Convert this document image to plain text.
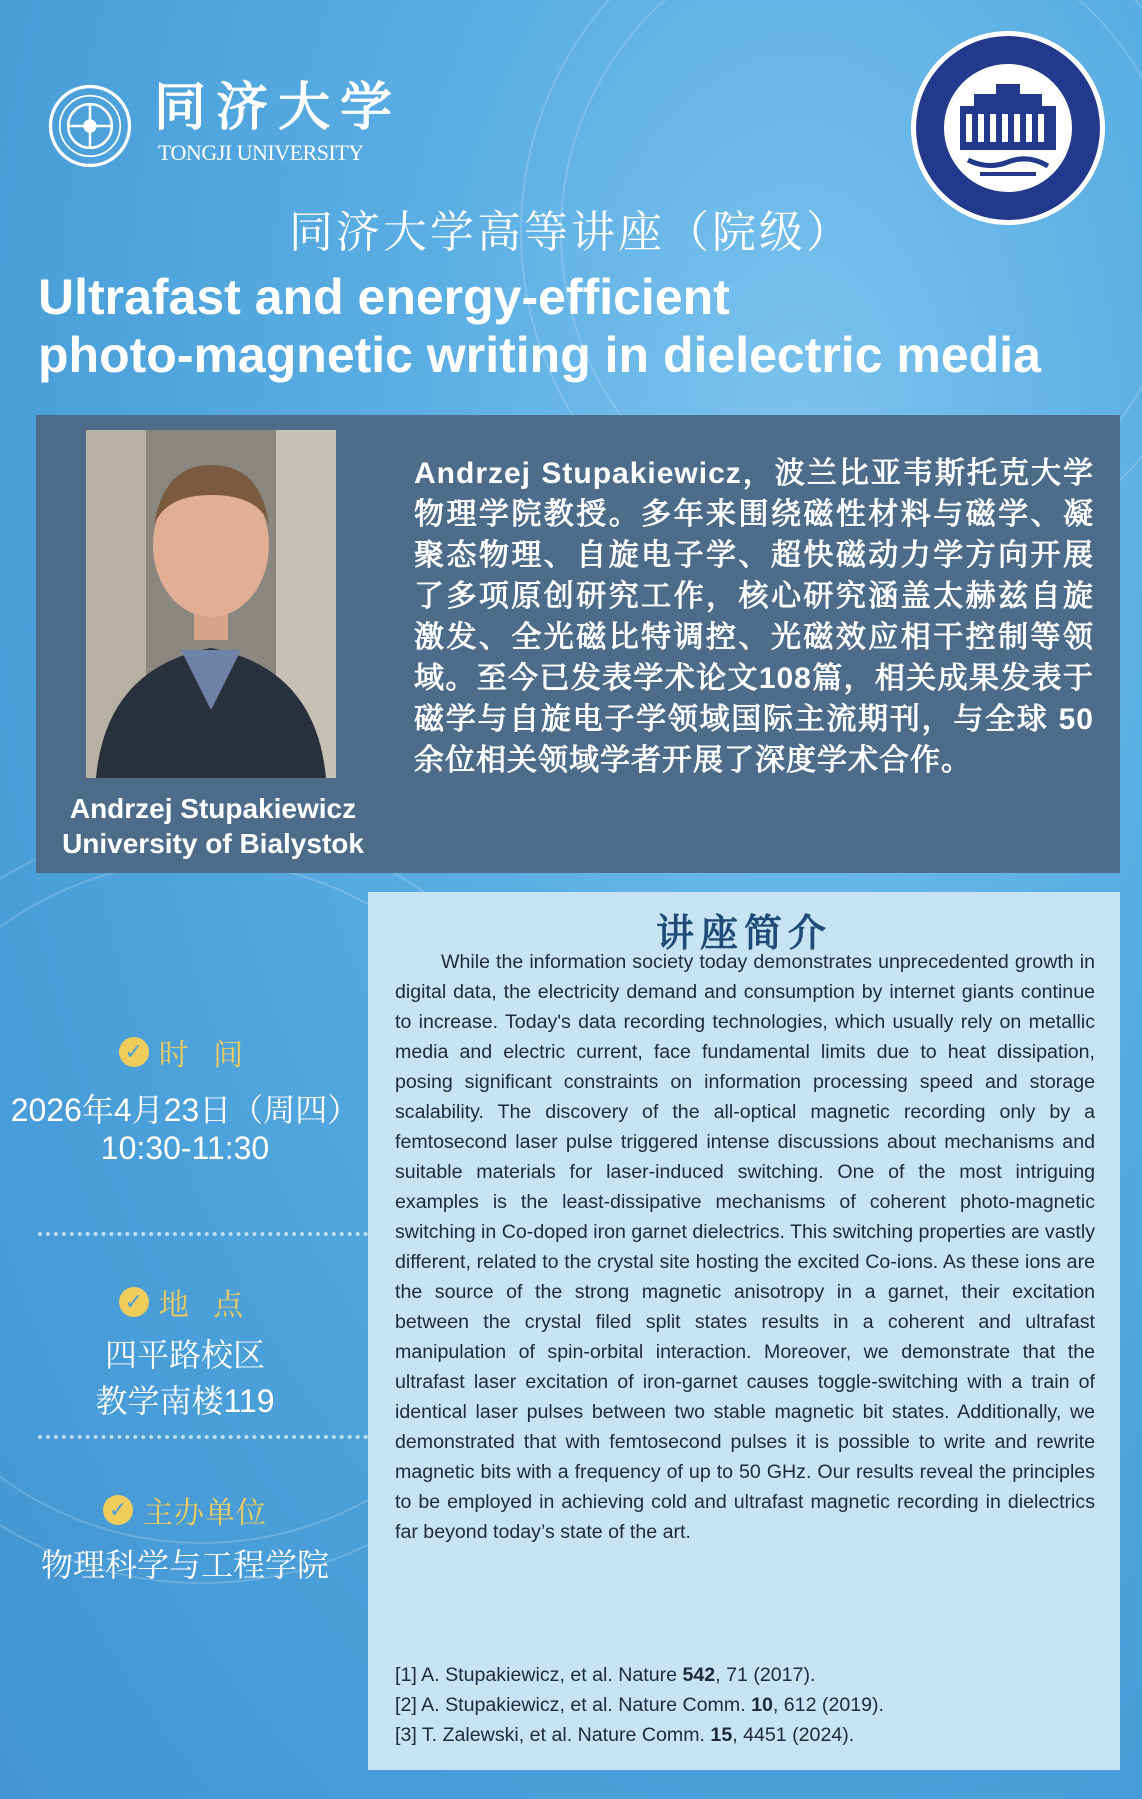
同济大学
TONGJI UNIVERSITY
同济大学高等讲座（院级）
Ultrafast and energy-efficient
photo-magnetic writing in dielectric media
Andrzej Stupakiewicz
University of Bialystok

Andrzej Stupakiewicz，波兰比亚韦斯托克大学物理学院教授。多年来围绕磁性材料与磁学、凝聚态物理、自旋电子学、超快磁动力学方向开展了多项原创研究工作，核心研究涵盖太赫兹自旋激发、全光磁比特调控、光磁效应相干控制等领域。至今已发表学术论文108篇，相关成果发表于磁学与自旋电子学领域国际主流期刊，与全球 50 余位相关领域学者开展了深度学术合作。

✓ 时 间
2026年4月23日（周四）
10:30-11:30
✓ 地 点
四平路校区
教学南楼119
✓ 主办单位
物理科学与工程学院
讲座简介

While the information society today demonstrates unprecedented growth in digital data, the electricity demand and consumption by internet giants continue to increase. Today's data recording technologies, which usually rely on metallic media and electric current, face fundamental limits due to heat dissipation, posing significant constraints on information processing speed and storage scalability. The discovery of the all-optical magnetic recording only by a femtosecond laser pulse triggered intense discussions about mechanisms and suitable materials for laser-induced switching. One of the most intriguing examples is the least-dissipative mechanisms of coherent photo-magnetic switching in Co-doped iron garnet dielectrics. This switching properties are vastly different, related to the crystal site hosting the excited Co-ions. As these ions are the source of the strong magnetic anisotropy in a garnet, their excitation between the crystal filed split states results in a coherent and ultrafast manipulation of spin-orbital interaction. Moreover, we demonstrate that the ultrafast laser excitation of iron-garnet causes toggle-switching with a train of identical laser pulses between two stable magnetic bit states. Additionally, we demonstrated that with femtosecond pulses it is possible to write and rewrite magnetic bits with a frequency of up to 50 GHz. Our results reveal the principles to be employed in achieving cold and ultrafast magnetic recording in dielectrics far beyond today’s state of the art.

[1] A. Stupakiewicz, et al. Nature 542, 71 (2017).
[2] A. Stupakiewicz, et al. Nature Comm. 10, 612 (2019).
[3] T. Zalewski, et al. Nature Comm. 15, 4451 (2024).
